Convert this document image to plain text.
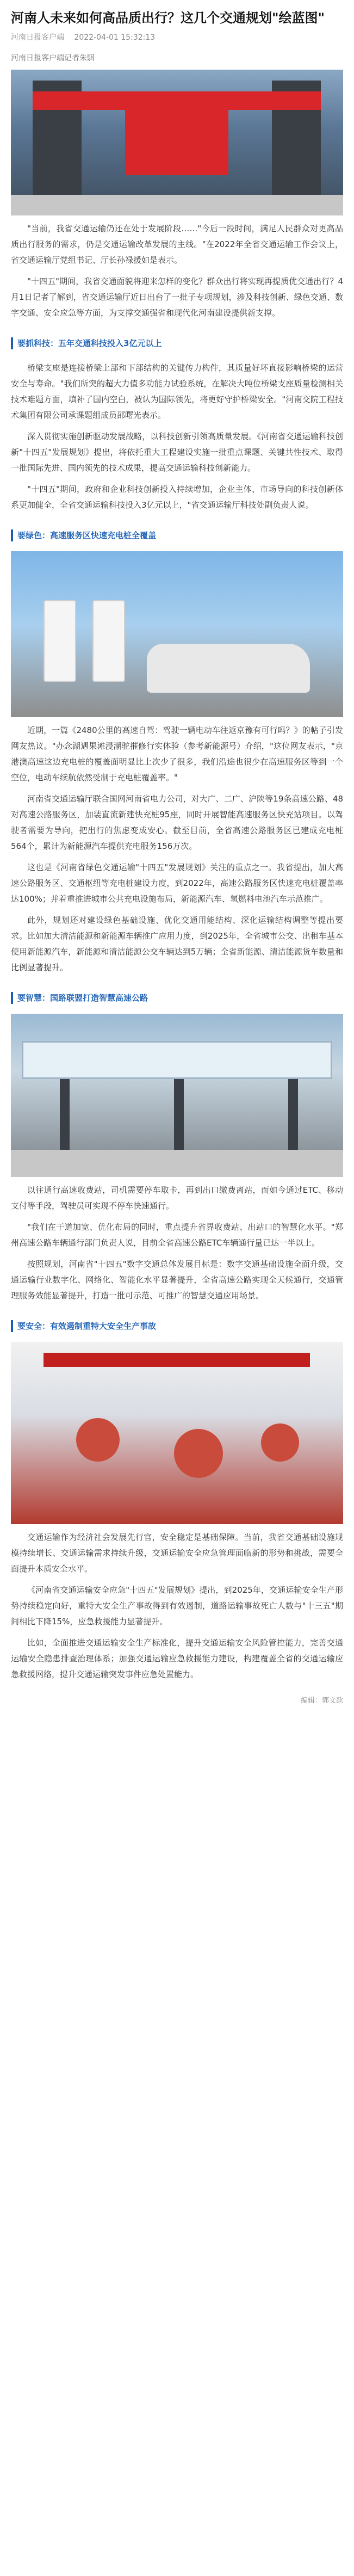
河南人未来如何高品质出行？这几个交通规划"绘蓝图"
河南日报客户端 2022-04-01 15:32:13
河南日报客户端记者朱駬

"当前，我省交通运输仍还在处于发展阶段……"今后一段时间，满足人民群众对更高品质出行服务的需求，仍是交通运输改革发展的主线。"在2022年全省交通运输工作会议上，省交通运输厅党组书记、厅长孙禄援如是表示。

"十四五"期间，我省交通面貌将迎来怎样的变化？群众出行将实现再提质优交通出行？4月1日记者了解到，省交通运输厅近日出台了一批子专项规划，涉及科技创新、绿色交通、数字交通、安全应急等方面，为支撑交通强省和现代化河南建设提供新支撑。

要抓科技：五年交通科技投入3亿元以上

桥梁支座是连接桥梁上部和下部结构的关键传力构件，其质量好坏直接影响桥梁的运营安全与寿命。"我们所突的超大力值多功能力试验系统，在解决大吨位桥梁支座质量检测相关技术难题方面，填补了国内空白，被认为国际领先，将更好守护桥梁安全。"河南交院工程技术集团有限公司承课题组成员邵曙光表示。

深入贯彻实施创新驱动发展战略，以科技创新引领高质量发展。《河南省交通运输科技创新"十四五"发展规划》提出，将依托重大工程建设实施一批重点课题、关键共性技术、取得一批国际先进、国内领先的技术成果，提高交通运输科技创新能力。

"十四五"期间，政府和企业科技创新投入持续增加，企业主体、市场导向的科技创新体系更加健全，全省交通运输科技投入3亿元以上，"省交通运输厅科技处副负责人说。

要绿色：高速服务区快速充电桩全覆盖

近期，一篇《2480公里的高速自驾：驾驶一辆电动车往返京豫有可行吗？》的帖子引发网友热议。"办念湖遇果滩浸潮驼摧修行实体验（参考新能源号）介绍，"这位网友表示，"京港澳高速这边充电桩的覆盖面明显比上次少了很多，我们沿途也很少在高速服务区等到一个空位，电动车续航依然受制于充电桩覆盖率。"

河南省交通运输厅联合国网河南省电力公司，对大广、二广、沪陕等19条高速公路、48对高速公路服务区，加装直流新建快充桩95座，同时开展智能高速服务区快充站项目。以驾驶者需要为导向，把出行的焦虑变成安心。截至目前，全省高速公路服务区已建成充电桩564个，累计为新能源汽车提供充电服务156万次。

这也是《河南省绿色交通运输"十四五"发展规划》关注的重点之一。我省提出，加大高速公路服务区、交通枢纽等充电桩建设力度，到2022年，高速公路服务区快速充电桩覆盖率达100%；并着重推进城市公共充电设施布局，新能源汽车、氢燃料电池汽车示范推广。

此外，规划还对建设绿色基础设施、优化交通用能结构、深化运输结构调整等提出要求。比如加大清洁能源和新能源车辆推广应用力度，到2025年，全省城市公交、出租车基本使用新能源汽车，新能源和清洁能源公交车辆达到5万辆；全省新能源、清洁能源货车数量和比例显著提升。

要智慧：国路联盟打造智慧高速公路

以往通行高速收费站，司机需要停车取卡，再到出口缴费离站，而如今通过ETC、移动支付等手段，驾驶员可实现不停车快速通行。

"我们在干道加宽、优化布局的同时，重点提升省界收费站、出站口的智慧化水平。"郑州高速公路车辆通行部门负责人说，目前全省高速公路ETC车辆通行量已达一半以上。

按照规划，河南省"十四五"数字交通总体发展目标是：数字交通基础设施全面升级，交通运输行业数字化、网络化、智能化水平显著提升，全省高速公路实现全天候通行，交通管理服务效能显著提升，打造一批可示范、可推广的智慧交通应用场景。

要安全：有效遏制重特大安全生产事故

交通运输作为经济社会发展先行官，安全稳定是基础保障。当前，我省交通基础设施规模持续增长、交通运输需求持续升级，交通运输安全应急管理面临新的形势和挑战，需要全面提升本质安全水平。

《河南省交通运输安全应急"十四五"发展规划》提出，到2025年，交通运输安全生产形势持续稳定向好，重特大安全生产事故得到有效遏制，道路运输事故死亡人数与"十三五"期间相比下降15%，应急救援能力显著提升。

比如，全面推进交通运输安全生产标准化，提升交通运输安全风险管控能力，完善交通运输安全隐患排查治理体系；加强交通运输应急救援能力建设，构建覆盖全省的交通运输应急救援网络，提升交通运输突发事件应急处置能力。

编辑：郭文歆
